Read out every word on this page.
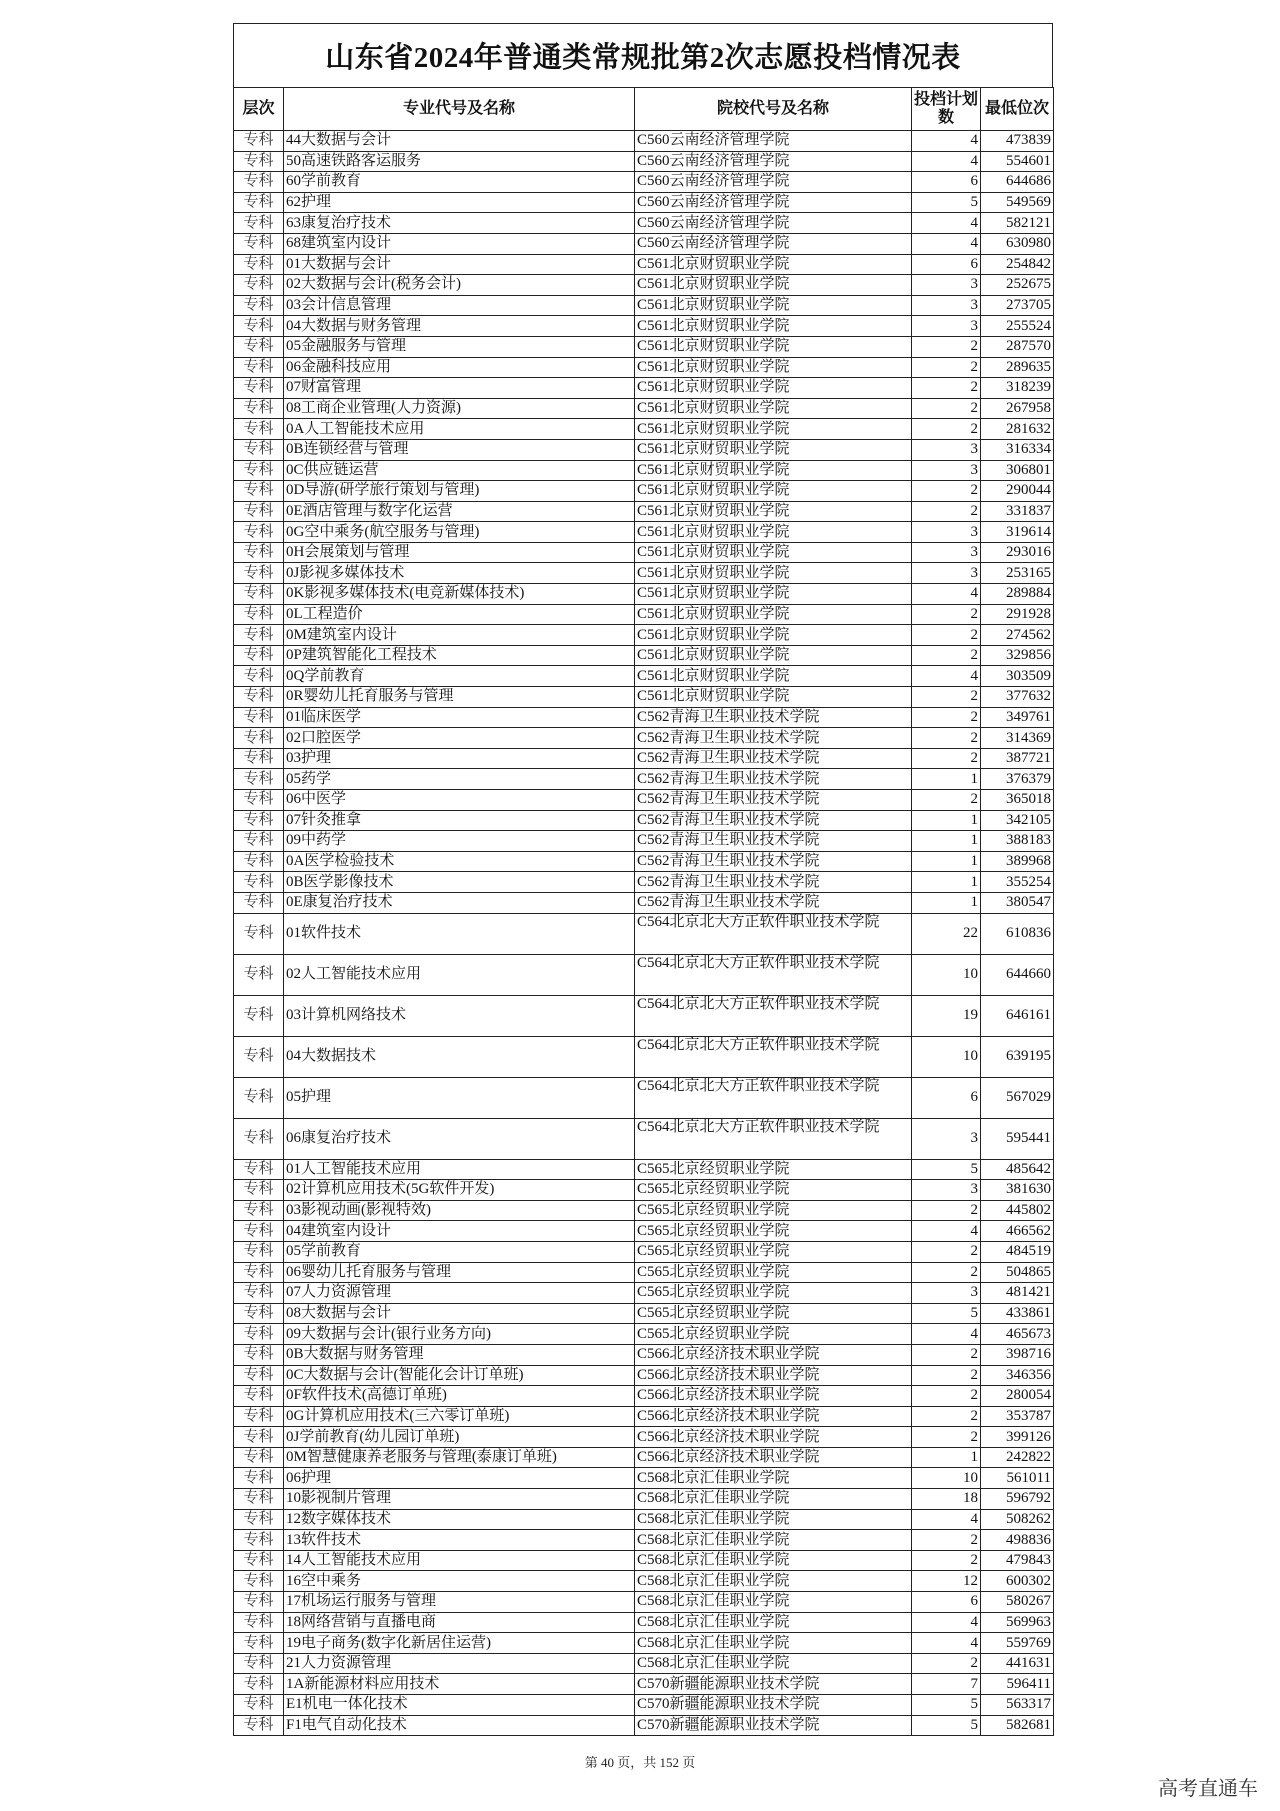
山东省2024年普通类常规批第2次志愿投档情况表
层次	专业代号及名称	院校代号及名称	投档计划数	最低位次
专科	44大数据与会计	C560云南经济管理学院	4	473839
专科	50高速铁路客运服务	C560云南经济管理学院	4	554601
专科	60学前教育	C560云南经济管理学院	6	644686
专科	62护理	C560云南经济管理学院	5	549569
专科	63康复治疗技术	C560云南经济管理学院	4	582121
专科	68建筑室内设计	C560云南经济管理学院	4	630980
专科	01大数据与会计	C561北京财贸职业学院	6	254842
专科	02大数据与会计(税务会计)	C561北京财贸职业学院	3	252675
专科	03会计信息管理	C561北京财贸职业学院	3	273705
专科	04大数据与财务管理	C561北京财贸职业学院	3	255524
专科	05金融服务与管理	C561北京财贸职业学院	2	287570
专科	06金融科技应用	C561北京财贸职业学院	2	289635
专科	07财富管理	C561北京财贸职业学院	2	318239
专科	08工商企业管理(人力资源)	C561北京财贸职业学院	2	267958
专科	0A人工智能技术应用	C561北京财贸职业学院	2	281632
专科	0B连锁经营与管理	C561北京财贸职业学院	3	316334
专科	0C供应链运营	C561北京财贸职业学院	3	306801
专科	0D导游(研学旅行策划与管理)	C561北京财贸职业学院	2	290044
专科	0E酒店管理与数字化运营	C561北京财贸职业学院	2	331837
专科	0G空中乘务(航空服务与管理)	C561北京财贸职业学院	3	319614
专科	0H会展策划与管理	C561北京财贸职业学院	3	293016
专科	0J影视多媒体技术	C561北京财贸职业学院	3	253165
专科	0K影视多媒体技术(电竞新媒体技术)	C561北京财贸职业学院	4	289884
专科	0L工程造价	C561北京财贸职业学院	2	291928
专科	0M建筑室内设计	C561北京财贸职业学院	2	274562
专科	0P建筑智能化工程技术	C561北京财贸职业学院	2	329856
专科	0Q学前教育	C561北京财贸职业学院	4	303509
专科	0R婴幼儿托育服务与管理	C561北京财贸职业学院	2	377632
专科	01临床医学	C562青海卫生职业技术学院	2	349761
专科	02口腔医学	C562青海卫生职业技术学院	2	314369
专科	03护理	C562青海卫生职业技术学院	2	387721
专科	05药学	C562青海卫生职业技术学院	1	376379
专科	06中医学	C562青海卫生职业技术学院	2	365018
专科	07针灸推拿	C562青海卫生职业技术学院	1	342105
专科	09中药学	C562青海卫生职业技术学院	1	388183
专科	0A医学检验技术	C562青海卫生职业技术学院	1	389968
专科	0B医学影像技术	C562青海卫生职业技术学院	1	355254
专科	0E康复治疗技术	C562青海卫生职业技术学院	1	380547
专科	01软件技术	C564北京北大方正软件职业技术学院	22	610836
专科	02人工智能技术应用	C564北京北大方正软件职业技术学院	10	644660
专科	03计算机网络技术	C564北京北大方正软件职业技术学院	19	646161
专科	04大数据技术	C564北京北大方正软件职业技术学院	10	639195
专科	05护理	C564北京北大方正软件职业技术学院	6	567029
专科	06康复治疗技术	C564北京北大方正软件职业技术学院	3	595441
专科	01人工智能技术应用	C565北京经贸职业学院	5	485642
专科	02计算机应用技术(5G软件开发)	C565北京经贸职业学院	3	381630
专科	03影视动画(影视特效)	C565北京经贸职业学院	2	445802
专科	04建筑室内设计	C565北京经贸职业学院	4	466562
专科	05学前教育	C565北京经贸职业学院	2	484519
专科	06婴幼儿托育服务与管理	C565北京经贸职业学院	2	504865
专科	07人力资源管理	C565北京经贸职业学院	3	481421
专科	08大数据与会计	C565北京经贸职业学院	5	433861
专科	09大数据与会计(银行业务方向)	C565北京经贸职业学院	4	465673
专科	0B大数据与财务管理	C566北京经济技术职业学院	2	398716
专科	0C大数据与会计(智能化会计订单班)	C566北京经济技术职业学院	2	346356
专科	0F软件技术(高德订单班)	C566北京经济技术职业学院	2	280054
专科	0G计算机应用技术(三六零订单班)	C566北京经济技术职业学院	2	353787
专科	0J学前教育(幼儿园订单班)	C566北京经济技术职业学院	2	399126
专科	0M智慧健康养老服务与管理(泰康订单班)	C566北京经济技术职业学院	1	242822
专科	06护理	C568北京汇佳职业学院	10	561011
专科	10影视制片管理	C568北京汇佳职业学院	18	596792
专科	12数字媒体技术	C568北京汇佳职业学院	4	508262
专科	13软件技术	C568北京汇佳职业学院	2	498836
专科	14人工智能技术应用	C568北京汇佳职业学院	2	479843
专科	16空中乘务	C568北京汇佳职业学院	12	600302
专科	17机场运行服务与管理	C568北京汇佳职业学院	6	580267
专科	18网络营销与直播电商	C568北京汇佳职业学院	4	569963
专科	19电子商务(数字化新居住运营)	C568北京汇佳职业学院	4	559769
专科	21人力资源管理	C568北京汇佳职业学院	2	441631
专科	1A新能源材料应用技术	C570新疆能源职业技术学院	7	596411
专科	E1机电一体化技术	C570新疆能源职业技术学院	5	563317
专科	F1电气自动化技术	C570新疆能源职业技术学院	5	582681
第 40 页，共 152 页
高考直通车
